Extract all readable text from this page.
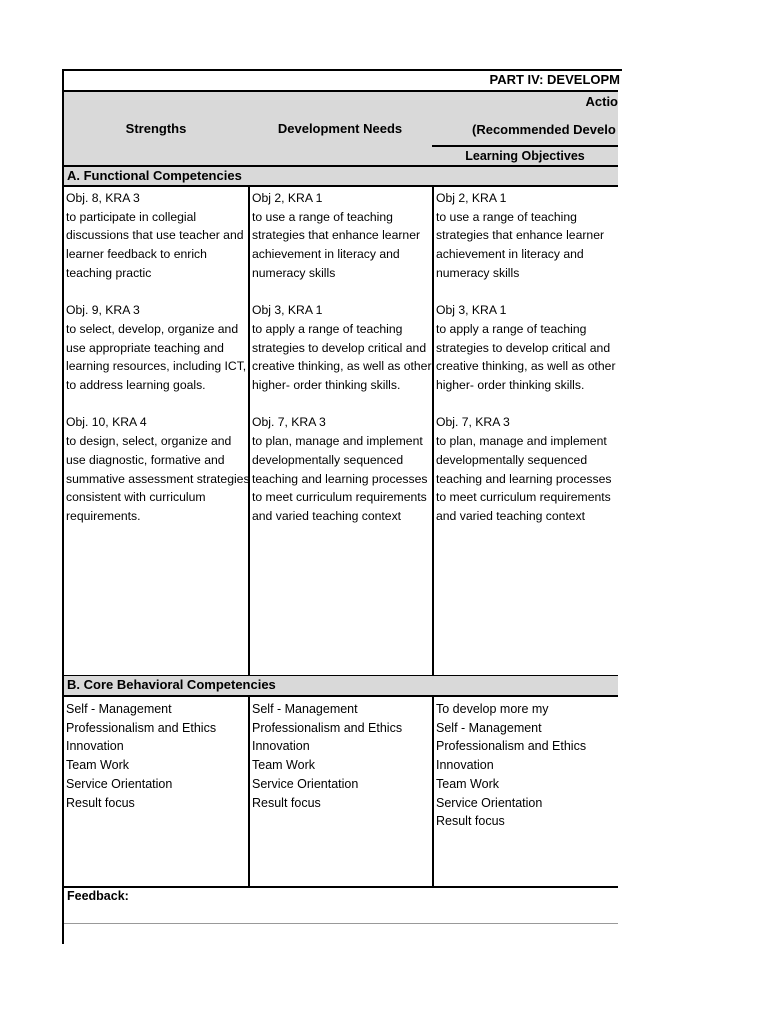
PART IV: DEVELOPM
Strengths	Development Needs
Actio
(Recommended Develo
Learning Objectives
A. Functional Competencies
Obj. 8, KRA 3
to participate in collegial discussions that use teacher and learner feedback to enrich teaching practic
Obj. 9, KRA 3
to select, develop, organize and use appropriate teaching and learning resources, including ICT, to address learning goals.
Obj. 10, KRA 4
to design, select, organize and use diagnostic, formative and summative assessment strategies consistent with curriculum requirements.
Obj 2, KRA 1
to use a range of teaching strategies that enhance learner achievement in literacy and numeracy skills
Obj 3, KRA 1
to apply a range of teaching strategies to develop critical and creative thinking, as well as other higher- order thinking skills.
Obj. 7, KRA 3
to plan, manage and implement developmentally sequenced teaching and learning processes to meet curriculum requirements and varied teaching context
Obj 2, KRA 1
to use a range of teaching strategies that enhance learner achievement in literacy and numeracy skills
Obj 3, KRA 1
to apply a range of teaching strategies to develop critical and creative thinking, as well as other higher- order thinking skills.
Obj. 7, KRA 3
to plan, manage and implement developmentally sequenced teaching and learning processes to meet curriculum requirements and varied teaching context
B. Core Behavioral Competencies
Self - Management
Professionalism and Ethics
Innovation
Team Work
Service Orientation
Result focus
Self - Management
Professionalism and Ethics
Innovation
Team Work
Service Orientation
Result focus
To develop more my
Self - Management
Professionalism and Ethics
Innovation
Team Work
Service Orientation
Result focus
Feedback:
